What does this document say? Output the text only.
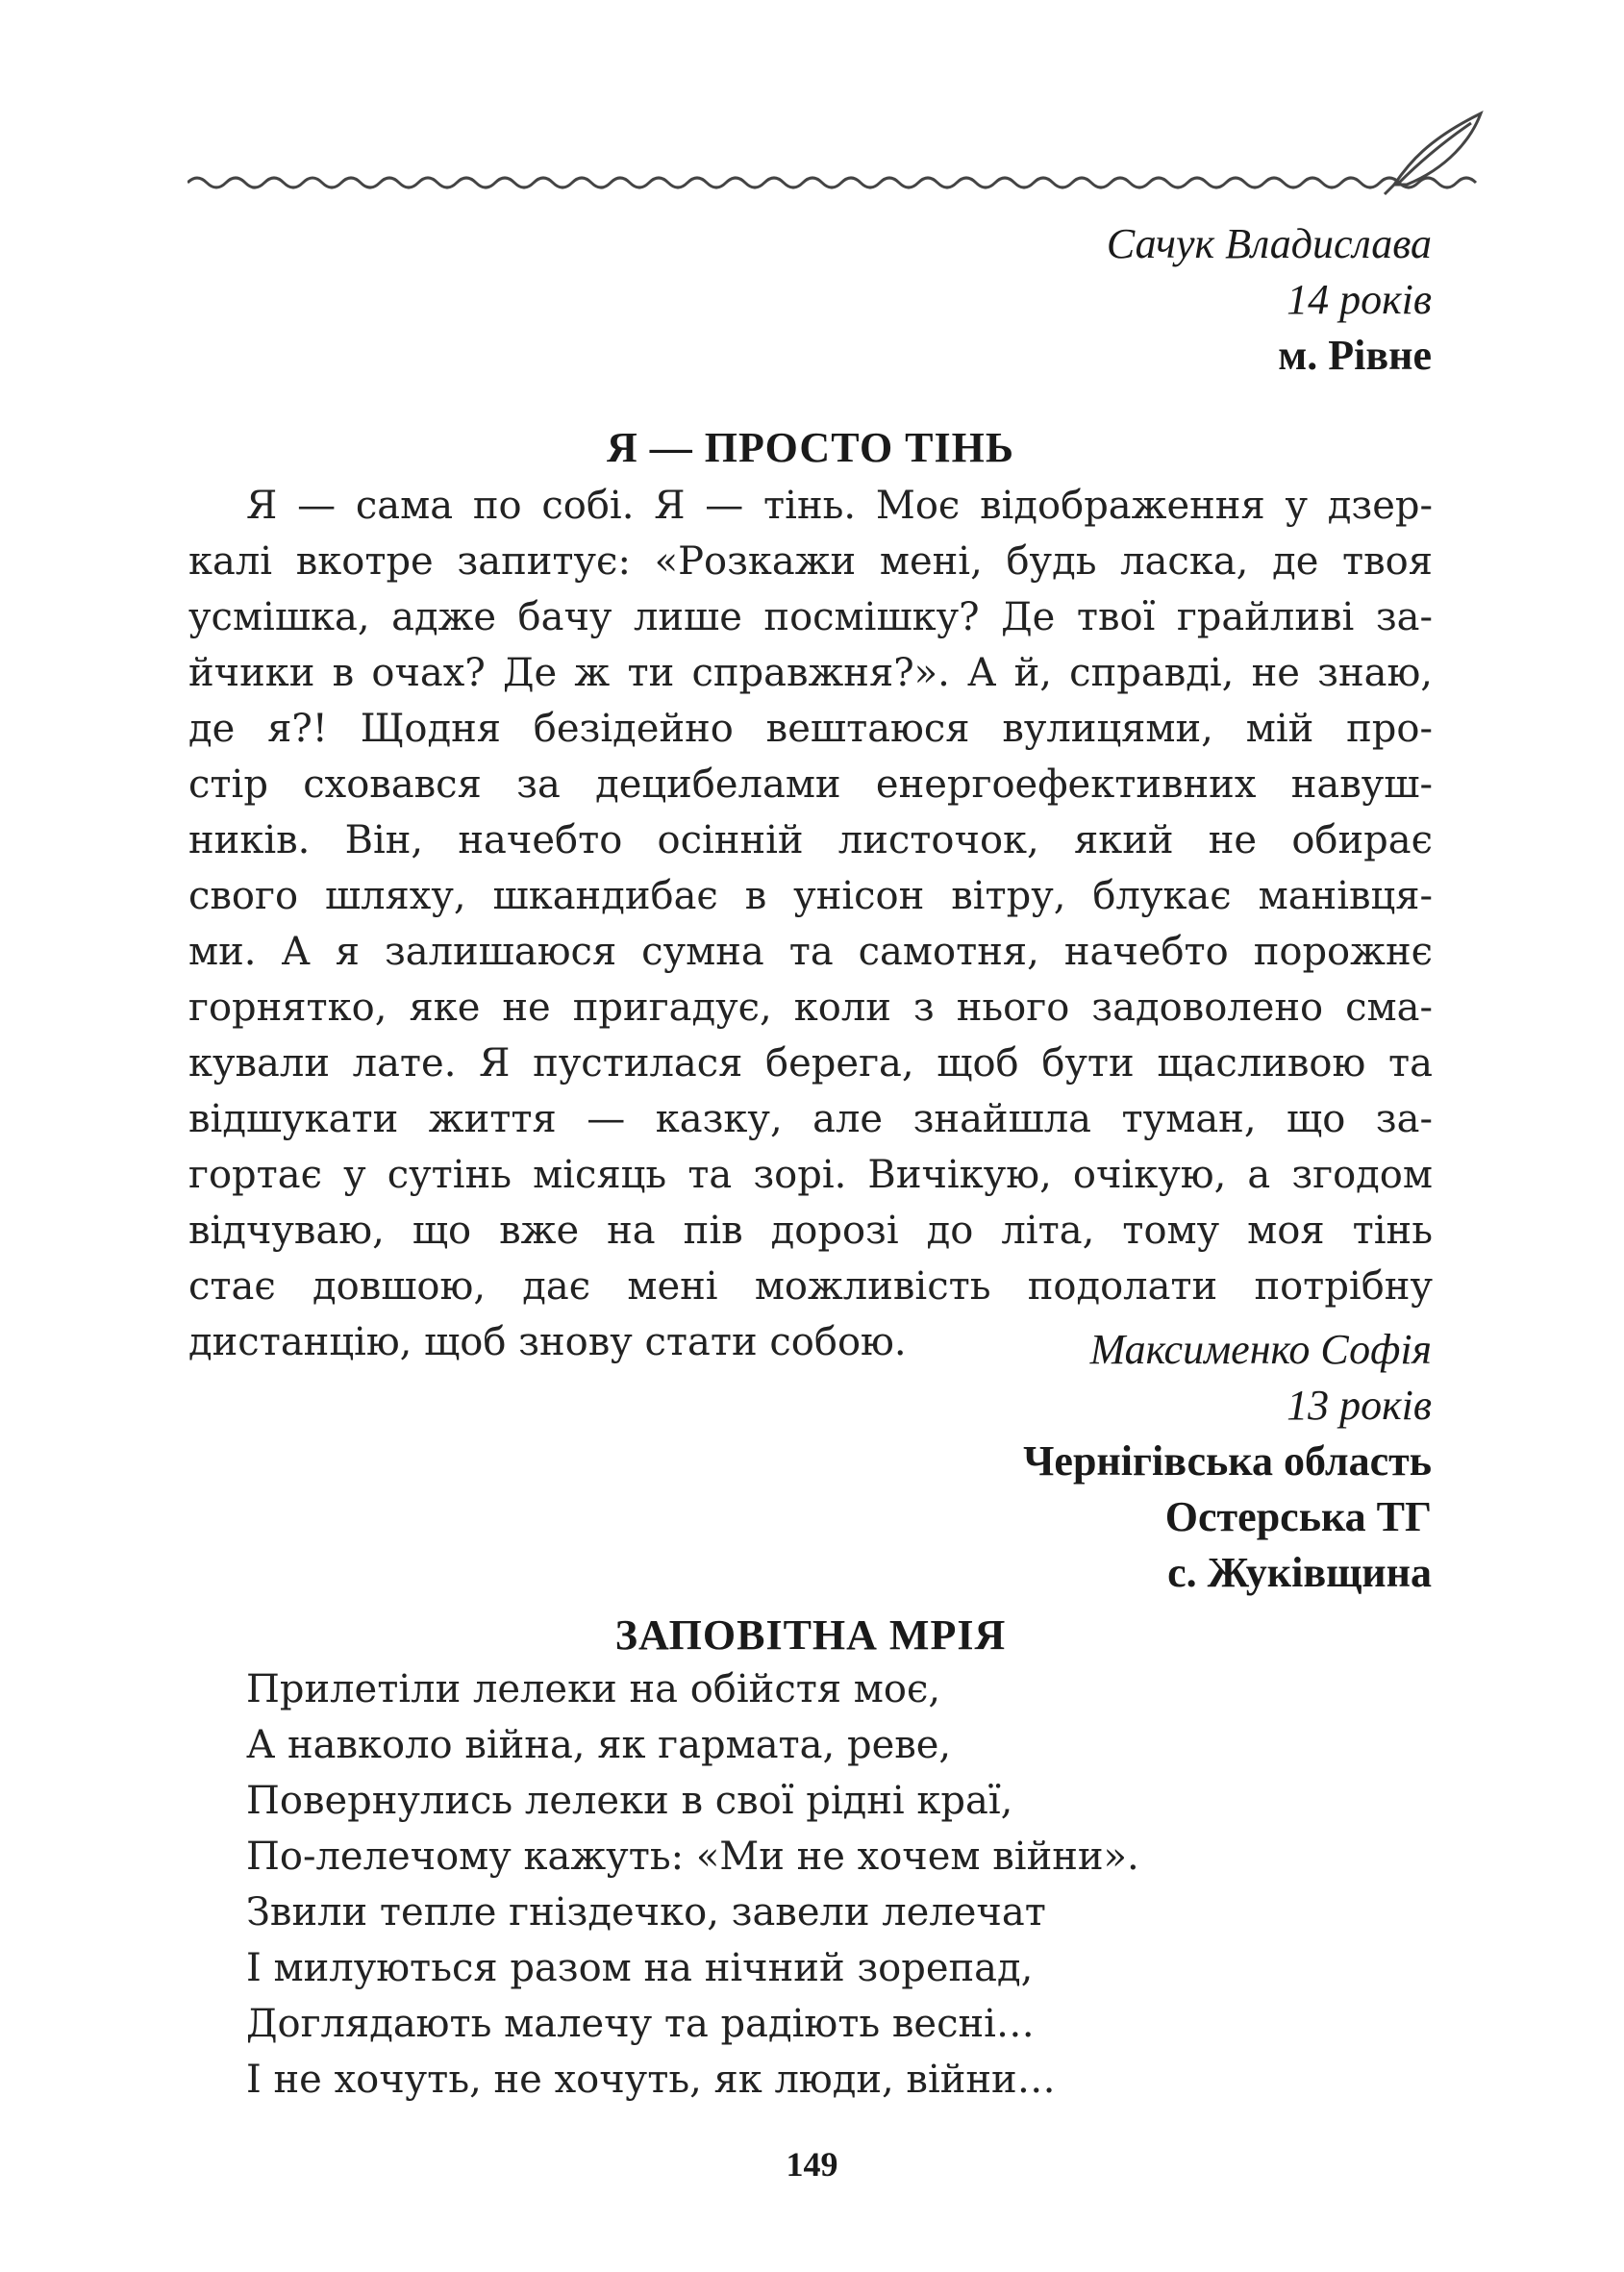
Сачук Владислава
14 років
м. Рівне
Я — ПРОСТО ТІНЬ
Я — сама по собі. Я — тінь. Моє відображення у дзер-
калі вкотре запитує: «Розкажи мені, будь ласка, де твоя
усмішка, адже бачу лише посмішку? Де твої грайливі за-
йчики в очах? Де ж ти справжня?». А й, справді, не знаю,
де я?! Щодня безідейно вештаюся вулицями, мій про-
стір сховався за децибелами енергоефективних навуш-
ників. Він, начебто осінній листочок, який не обирає
свого шляху, шкандибає в унісон вітру, блукає манівця-
ми. А я залишаюся сумна та самотня, начебто порожнє
горнятко, яке не пригадує, коли з нього задоволено сма-
кували лате. Я пустилася берега, щоб бути щасливою та
відшукати життя — казку, але знайшла туман, що за-
гортає у сутінь місяць та зорі. Вичікую, очікую, а згодом
відчуваю, що вже на пів дорозі до літа, тому моя тінь
стає довшою, дає мені можливість подолати потрібну
дистанцію, щоб знову стати собою.	Максименко Софія
13 років
Чернігівська область
Остерська ТГ
с. Жуківщина
ЗАПОВІТНА МРІЯ
Прилетіли лелеки на обійстя моє,
А навколо війна, як гармата, реве,
Повернулись лелеки в свої рідні краї,
По-лелечому кажуть: «Ми не хочем війни».
Звили тепле гніздечко, завели лелечат
І милуються разом на нічний зорепад,
Доглядають малечу та радіють весні…
І не хочуть, не хочуть, як люди, війни…
149
